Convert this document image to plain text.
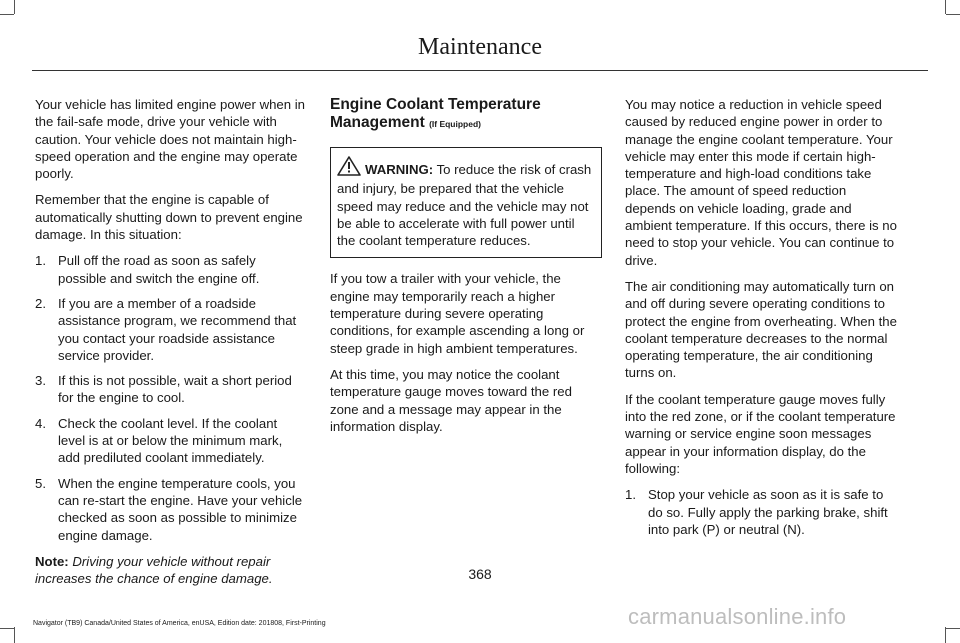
Maintenance

Your vehicle has limited engine power when in the fail-safe mode, drive your vehicle with caution. Your vehicle does not maintain high-speed operation and the engine may operate poorly.

Remember that the engine is capable of automatically shutting down to prevent engine damage. In this situation:

1. Pull off the road as soon as safely possible and switch the engine off.
2. If you are a member of a roadside assistance program, we recommend that you contact your roadside assistance service provider.
3. If this is not possible, wait a short period for the engine to cool.
4. Check the coolant level. If the coolant level is at or below the minimum mark, add prediluted coolant immediately.
5. When the engine temperature cools, you can re-start the engine. Have your vehicle checked as soon as possible to minimize engine damage.

Note: Driving your vehicle without repair increases the chance of engine damage.

Engine Coolant Temperature Management (If Equipped)
WARNING: To reduce the risk of crash and injury, be prepared that the vehicle speed may reduce and the vehicle may not be able to accelerate with full power until the coolant temperature reduces.

If you tow a trailer with your vehicle, the engine may temporarily reach a higher temperature during severe operating conditions, for example ascending a long or steep grade in high ambient temperatures.

At this time, you may notice the coolant temperature gauge moves toward the red zone and a message may appear in the information display.

You may notice a reduction in vehicle speed caused by reduced engine power in order to manage the engine coolant temperature. Your vehicle may enter this mode if certain high-temperature and high-load conditions take place. The amount of speed reduction depends on vehicle loading, grade and ambient temperature. If this occurs, there is no need to stop your vehicle. You can continue to drive.

The air conditioning may automatically turn on and off during severe operating conditions to protect the engine from overheating. When the coolant temperature decreases to the normal operating temperature, the air conditioning turns on.

If the coolant temperature gauge moves fully into the red zone, or if the coolant temperature warning or service engine soon messages appear in your information display, do the following:

1. Stop your vehicle as soon as it is safe to do so. Fully apply the parking brake, shift into park (P) or neutral (N).
368
Navigator (TB9) Canada/United States of America, enUSA, Edition date: 201808, First-Printing	carmanualsonline.info
